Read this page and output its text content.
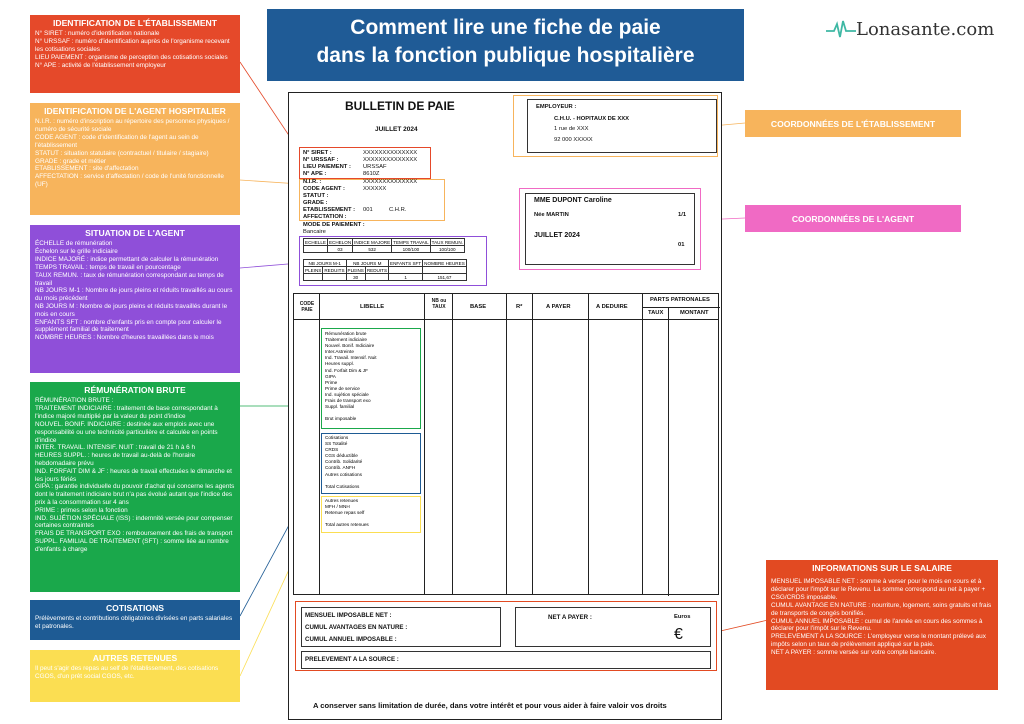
Comment lire une fiche de paie
dans la fonction publique hospitalière
Lonasante.com
IDENTIFICATION DE L'ÉTABLISSEMENT
N° SIRET : numéro d'identification nationale
N° URSSAF : numéro d'identification auprès de l'organisme recevant les cotisations sociales
LIEU PAIEMENT : organisme de perception des cotisations sociales
N° APE : activité de l'établissement employeur
IDENTIFICATION DE L'AGENT HOSPITALIER
N.I.R. : numéro d'inscription au répertoire des personnes physiques / numéro de sécurité sociale
CODE AGENT : code d'identification de l'agent au sein de l'établissement
STATUT : situation statutaire (contractuel / titulaire / stagiaire)
GRADE : grade et métier
ETABLISSEMENT : site d'affectation
AFFECTATION : service d'affectation / code de l'unité fonctionnelle (UF)
SITUATION DE L'AGENT
ÉCHELLE de rémunération
Échelon sur le grille indiciaire
INDICE MAJORÉ : indice permettant de calculer la rémunération
TEMPS TRAVAIL : temps de travail en pourcentage
TAUX REMUN. : taux de rémunération correspondant au temps de travail
NB JOURS M-1 : Nombre de jours pleins et réduits travaillés au cours du mois précédent
NB JOURS M : Nombre de jours pleins et réduits travaillés durant le mois en cours
ENFANTS SFT : nombre d'enfants pris en compte pour calculer le supplément familial de traitement
NOMBRE HEURES : Nombre d'heures travaillées dans le mois
RÉMUNÉRATION BRUTE
RÉMUNÉRATION BRUTE :
TRAITEMENT INDICIAIRE : traitement de base correspondant à l'indice majoré multiplié par la valeur du point d'indice
NOUVEL. BONIF. INDICIAIRE : destinée aux emplois avec une responsabilité ou une technicité particulière et calculée en points d'indice
INTER. TRAVAIL. INTENSIF. NUIT : travail de 21 h à 6 h
HEURES SUPPL. : heures de travail au-delà de l'horaire hebdomadaire prévu
IND. FORFAIT DIM & JF : heures de travail effectuées le dimanche et les jours fériés
GIPA : garantie individuelle du pouvoir d'achat qui concerne les agents dont le traitement indiciaire brut n'a pas évolué autant que l'indice des prix à la consommation sur 4 ans
PRIME : primes selon la fonction
IND. SUJÉTION SPÉCIALE (ISS) : indemnité versée pour compenser certaines contraintes
FRAIS DE TRANSPORT EXO : remboursement des frais de transport
SUPPL. FAMILIAL DE TRAITEMENT (SFT) : somme liée au nombre d'enfants à charge
COTISATIONS
Prélèvements et contributions obligatoires divisées en parts salariales et patronales.
AUTRES RETENUES
Il peut s'agir des repas au self de l'établissement, des cotisations CGOS, d'un prêt social CGOS, etc.
COORDONNÉES DE L'ÉTABLISSEMENT
COORDONNÉES DE L'AGENT
INFORMATIONS SUR LE SALAIRE
MENSUEL IMPOSABLE NET : somme à verser pour le mois en cours et à déclarer pour l'impôt sur le Revenu. La somme correspond au net à payer + CSG/CRDS imposable.
CUMUL AVANTAGE EN NATURE : nourriture, logement, soins gratuits et frais de transports de congés bonifiés.
CUMUL ANNUEL IMPOSABLE : cumul de l'année en cours des sommes à déclarer pour l'impôt sur le Revenu.
PRELEVEMENT A LA SOURCE : L'employeur verse le montant prélevé aux impôts selon un taux de prélèvement appliqué sur la paie.
NET A PAYER : somme versée sur votre compte bancaire.
BULLETIN DE PAIE
JUILLET 2024
EMPLOYEUR :
C.H.U. - HOPITAUX DE XXX
1 rue de XXX
92 000 XXXXX
N° SIRET :	XXXXXXXXXXXXXX
N° URSSAF :	XXXXXXXXXXXXXX
LIEU PAIEMENT : URSSAF
N° APE :	8610Z
N.I.R. :	XXXXXXXXXXXXXX
CODE AGENT :	XXXXXX
STATUT :
GRADE :
ETABLISSEMENT : 001	C.H.R.
AFFECTATION :
MODE DE PAIEMENT :
Bancaire
MME DUPONT Caroline
Née MARTIN	1/1
JUILLET 2024
01
ECHELLE	ECHELON	INDICE MAJORE	TEMPS TRAVAIL	TAUX REMUN.
	03	532	100/100	100/100
NB JOURS M-1		NB JOURS M		ENFANTS SFT	NOMBRE HEURES
PLEINS	REDUITS	PLEINS	REDUITS		
		30		1	151,67
CODE PAIE	LIBELLE
NB ou TAUX	BASE	R*	A PAYER	A DEDUIRE
PARTS PATRONALES
TAUX	MONTANT
Rémunération brute
Traitement indiciaire
Nouvel. Bonif. Indiciaire
Inter.Astreinte
Ind. Travail. Intensif. Nuit
Heures suppl.
Ind. Forfait Dim & JF
GIPA
Prime
Prime de service
Ind. sujétion spéciale
Frais de transport exo
Suppl. familial
Brut imposable
Cotisations
SS Totalité
CRDS
CGS déductible
Contrib. Solidarité
Contrib. ANFH
Autres cotisations
Total Cotisations
Autres retenues
MFH / MNH
Retenue repas self
Total autres retenues
MENSUEL IMPOSABLE NET :
CUMUL AVANTAGES EN NATURE :
CUMUL ANNUEL IMPOSABLE :
NET A PAYER :	Euros
€
PRELEVEMENT A LA SOURCE :
A conserver sans limitation de durée, dans votre intérêt et pour vous aider à faire valoir vos droits
